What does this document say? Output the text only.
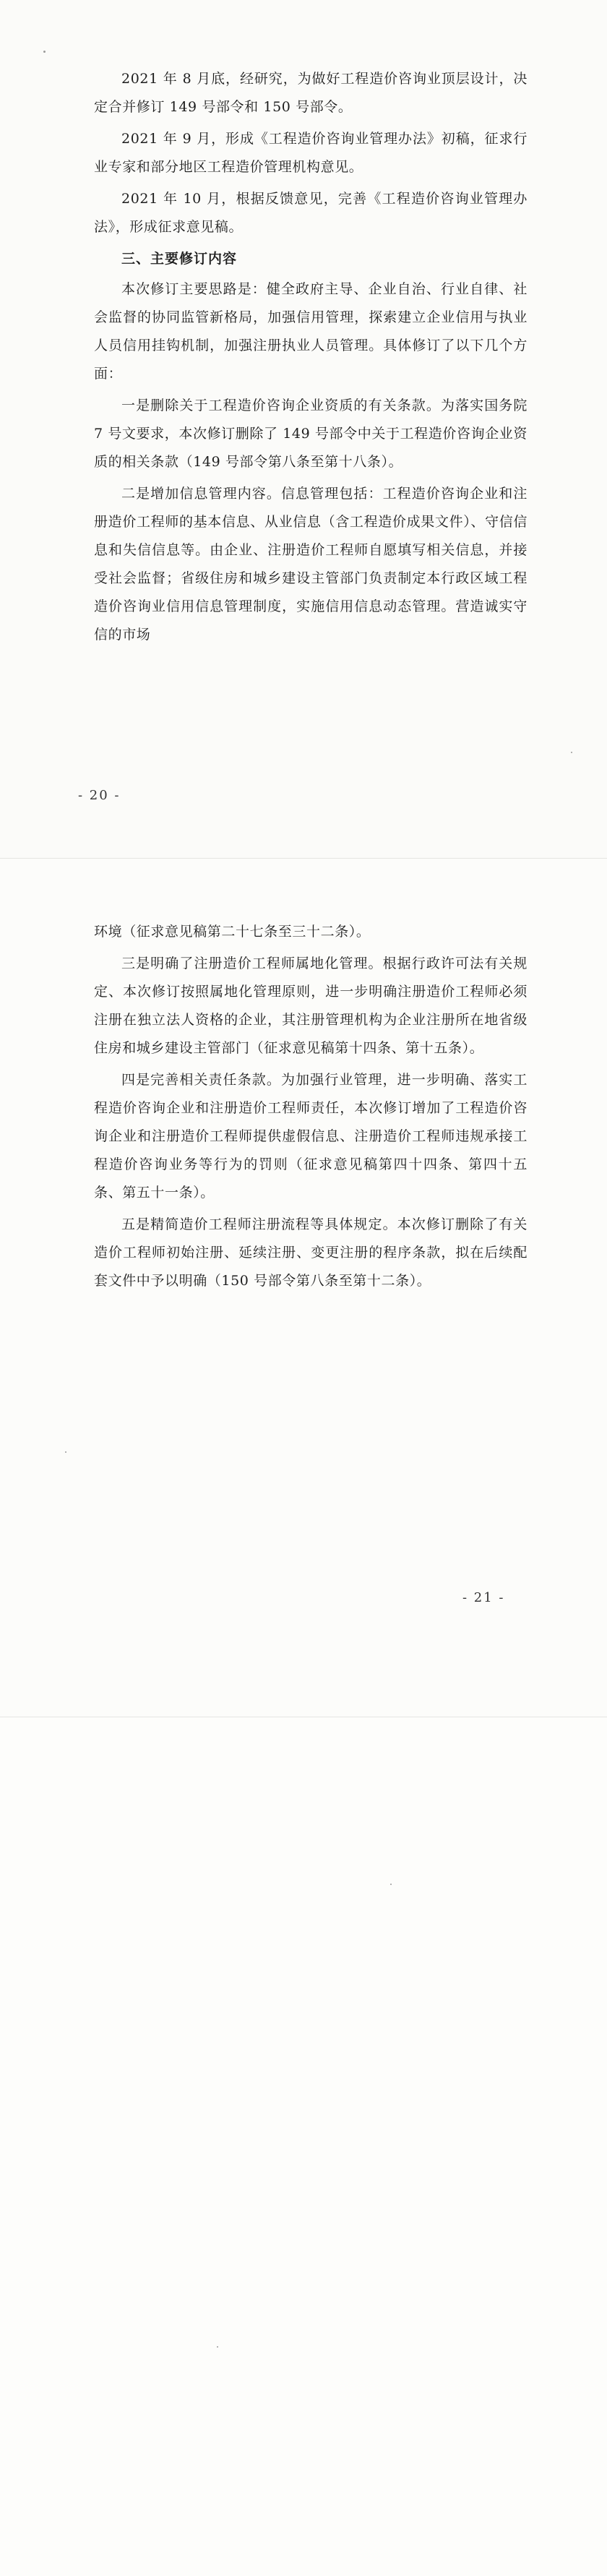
2021 年 8 月底，经研究，为做好工程造价咨询业顶层设计，决定合并修订 149 号部令和 150 号部令。

2021 年 9 月，形成《工程造价咨询业管理办法》初稿，征求行业专家和部分地区工程造价管理机构意见。

2021 年 10 月，根据反馈意见，完善《工程造价咨询业管理办法》，形成征求意见稿。

三、主要修订内容

本次修订主要思路是：健全政府主导、企业自治、行业自律、社会监督的协同监管新格局，加强信用管理，探索建立企业信用与执业人员信用挂钩机制，加强注册执业人员管理。具体修订了以下几个方面：

一是删除关于工程造价咨询企业资质的有关条款。为落实国务院 7 号文要求，本次修订删除了 149 号部令中关于工程造价咨询企业资质的相关条款（149 号部令第八条至第十八条）。

二是增加信息管理内容。信息管理包括：工程造价咨询企业和注册造价工程师的基本信息、从业信息（含工程造价成果文件）、守信信息和失信信息等。由企业、注册造价工程师自愿填写相关信息，并接受社会监督；省级住房和城乡建设主管部门负责制定本行政区域工程造价咨询业信用信息管理制度，实施信用信息动态管理。营造诚实守信的市场

- 20 -

环境（征求意见稿第二十七条至三十二条）。

三是明确了注册造价工程师属地化管理。根据行政许可法有关规定、本次修订按照属地化管理原则，进一步明确注册造价工程师必须注册在独立法人资格的企业，其注册管理机构为企业注册所在地省级住房和城乡建设主管部门（征求意见稿第十四条、第十五条）。

四是完善相关责任条款。为加强行业管理，进一步明确、落实工程造价咨询企业和注册造价工程师责任，本次修订增加了工程造价咨询企业和注册造价工程师提供虚假信息、注册造价工程师违规承接工程造价咨询业务等行为的罚则（征求意见稿第四十四条、第四十五条、第五十一条）。

五是精简造价工程师注册流程等具体规定。本次修订删除了有关造价工程师初始注册、延续注册、变更注册的程序条款，拟在后续配套文件中予以明确（150 号部令第八条至第十二条）。

- 21 -
